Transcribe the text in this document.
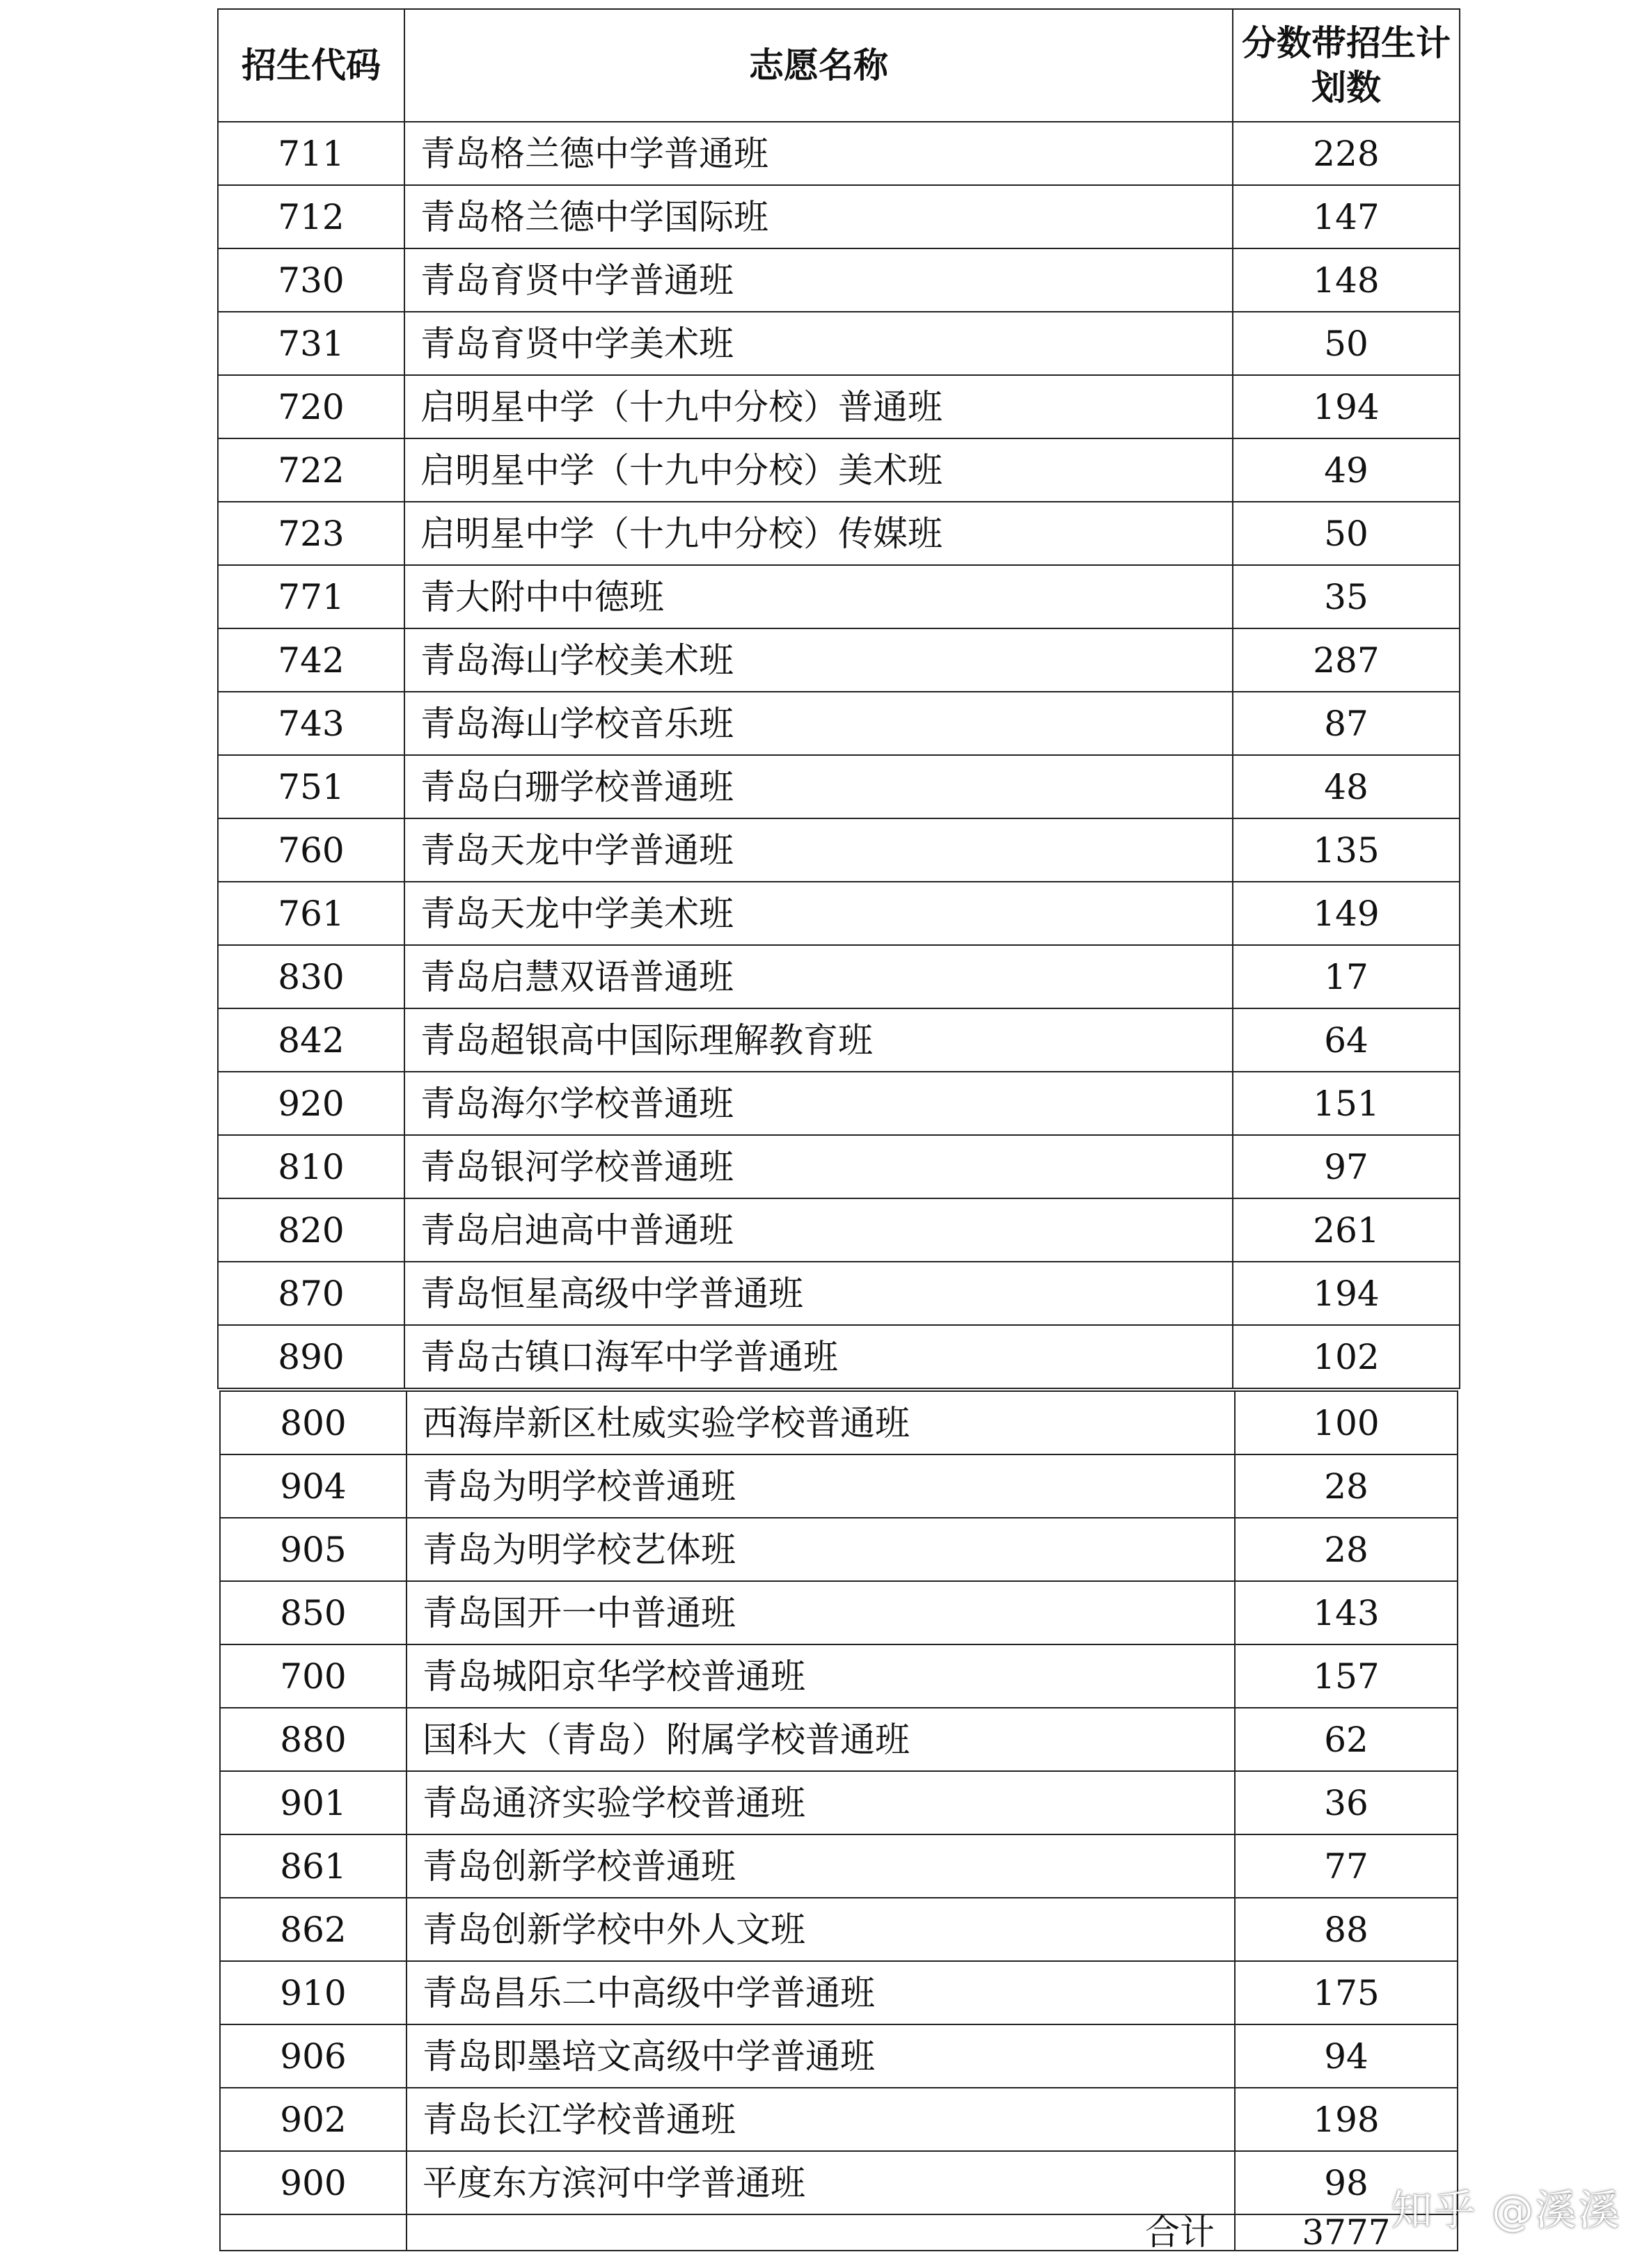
招生代码	志愿名称	分数带招生计划数
711	青岛格兰德中学普通班	228
712	青岛格兰德中学国际班	147
730	青岛育贤中学普通班	148
731	青岛育贤中学美术班	50
720	启明星中学（十九中分校）普通班	194
722	启明星中学（十九中分校）美术班	49
723	启明星中学（十九中分校）传媒班	50
771	青大附中中德班	35
742	青岛海山学校美术班	287
743	青岛海山学校音乐班	87
751	青岛白珊学校普通班	48
760	青岛天龙中学普通班	135
761	青岛天龙中学美术班	149
830	青岛启慧双语普通班	17
842	青岛超银高中国际理解教育班	64
920	青岛海尔学校普通班	151
810	青岛银河学校普通班	97
820	青岛启迪高中普通班	261
870	青岛恒星高级中学普通班	194
890	青岛古镇口海军中学普通班	102
800	西海岸新区杜威实验学校普通班	100
904	青岛为明学校普通班	28
905	青岛为明学校艺体班	28
850	青岛国开一中普通班	143
700	青岛城阳京华学校普通班	157
880	国科大（青岛）附属学校普通班	62
901	青岛通济实验学校普通班	36
861	青岛创新学校普通班	77
862	青岛创新学校中外人文班	88
910	青岛昌乐二中高级中学普通班	175
906	青岛即墨培文高级中学普通班	94
902	青岛长江学校普通班	198
900	平度东方滨河中学普通班	98
	合计	3777 知乎 @溪溪
